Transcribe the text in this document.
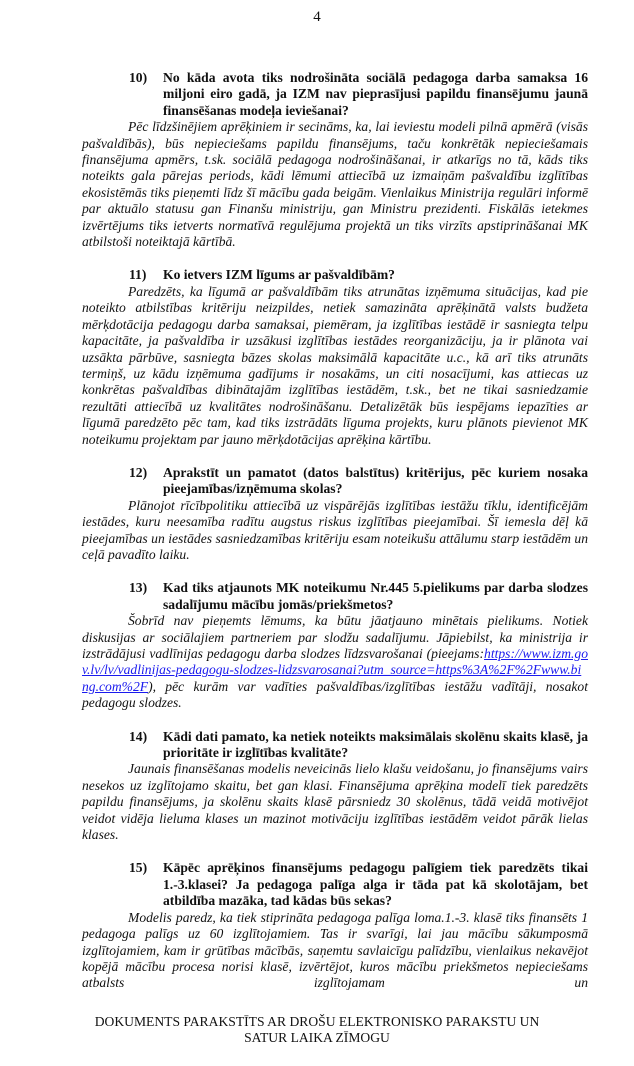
4
10)	No kāda avota tiks nodrošināta sociālā pedagoga darba samaksa 16 miljoni eiro gadā, ja IZM nav pieprasījusi papildu finansējumu jaunā finansēšanas modeļa ieviešanai?

Pēc līdzšinējiem aprēķiniem ir secināms, ka, lai ieviestu modeli pilnā apmērā (visās pašvaldībās), būs nepieciešams papildu finansējums, taču konkrētāk nepieciešamais finansējuma apmērs, t.sk. sociālā pedagoga nodrošināšanai, ir atkarīgs no tā, kāds tiks noteikts gala pārejas periods, kādi lēmumi attiecībā uz izmaiņām pašvaldību izglītības ekosistēmās tiks pieņemti līdz šī mācību gada beigām. Vienlaikus Ministrija regulāri informē par aktuālo statusu gan Finanšu ministriju, gan Ministru prezidenti. Fiskālās ietekmes izvērtējums tiks ietverts normatīvā regulējuma projektā un tiks virzīts apstiprināšanai MK atbilstoši noteiktajā kārtībā.

11)	Ko ietvers IZM līgums ar pašvaldībām?

Paredzēts, ka līgumā ar pašvaldībām tiks atrunātas izņēmuma situācijas, kad pie noteikto atbilstības kritēriju neizpildes, netiek samazināta aprēķinātā valsts budžeta mērķdotācija pedagogu darba samaksai, piemēram, ja izglītības iestādē ir sasniegta telpu kapacitāte, ja pašvaldība ir uzsākusi izglītības iestādes reorganizāciju, ja ir plānota vai uzsākta pārbūve, sasniegta bāzes skolas maksimālā kapacitāte u.c., kā arī tiks atrunāts termiņš, uz kādu izņēmuma gadījums ir nosakāms, un citi nosacījumi, kas attiecas uz konkrētas pašvaldības dibinātajām izglītības iestādēm, t.sk., bet ne tikai sasniedzamie rezultāti attiecībā uz kvalitātes nodrošināšanu. Detalizētāk būs iespējams iepazīties ar līgumā paredzēto pēc tam, kad tiks izstrādāts līguma projekts, kuru plānots pievienot MK noteikumu projektam par jauno mērķdotācijas aprēķina kārtību.

12)	Aprakstīt un pamatot (datos balstītus) kritērijus, pēc kuriem nosaka pieejamības/izņēmuma skolas?

Plānojot rīcībpolitiku attiecībā uz vispārējās izglītības iestāžu tīklu, identificējām iestādes, kuru neesamība radītu augstus riskus izglītības pieejamībai. Šī iemesla dēļ kā pieejamības un iestādes sasniedzamības kritēriju esam noteikušu attālumu starp iestādēm un ceļā pavadīto laiku.

13)	Kad tiks atjaunots MK noteikumu Nr.445 5.pielikums par darba slodzes sadalījumu mācību jomās/priekšmetos?

Šobrīd nav pieņemts lēmums, ka būtu jāatjauno minētais pielikums. Notiek diskusijas ar sociālajiem partneriem par slodžu sadalījumu. Jāpiebilst, ka ministrija ir izstrādājusi vadlīnijas pedagogu darba slodzes līdzsvarošanai (pieejams:https://www.izm.gov.lv/lv/vadlinijas-pedagogu-slodzes-lidzsvarosanai?utm_source=https%3A%2F%2Fwww.bing.com%2F), pēc kurām var vadīties pašvaldības/izglītības iestāžu vadītāji, nosakot pedagogu slodzes.

14)	Kādi dati pamato, ka netiek noteikts maksimālais skolēnu skaits klasē, ja prioritāte ir izglītības kvalitāte?

Jaunais finansēšanas modelis neveicinās lielo klašu veidošanu, jo finansējums vairs nesekos uz izglītojamo skaitu, bet gan klasi. Finansējuma aprēķina modelī tiek paredzēts papildu finansējums, ja skolēnu skaits klasē pārsniedz 30 skolēnus, tādā veidā motivējot veidot vidēja lieluma klases un mazinot motivāciju izglītības iestādēm veidot pārāk lielas klases.

15)	Kāpēc aprēķinos finansējums pedagogu palīgiem tiek paredzēts tikai 1.-3.klasei? Ja pedagoga palīga alga ir tāda pat kā skolotājam, bet atbildība mazāka, tad kādas būs sekas?

Modelis paredz, ka tiek stiprināta pedagoga palīga loma.1.-3. klasē tiks finansēts 1 pedagoga palīgs uz 60 izglītojamiem. Tas ir svarīgi, lai jau mācību sākumposmā izglītojamiem, kam ir grūtības mācībās, saņemtu savlaicīgu palīdzību, vienlaikus nekavējot kopējā mācību procesa norisi klasē, izvērtējot, kuros mācību priekšmetos nepieciešams atbalsts izglītojamam un

DOKUMENTS PARAKSTĪTS AR DROŠU ELEKTRONISKO PARAKSTU UN
SATUR LAIKA ZĪMOGU
